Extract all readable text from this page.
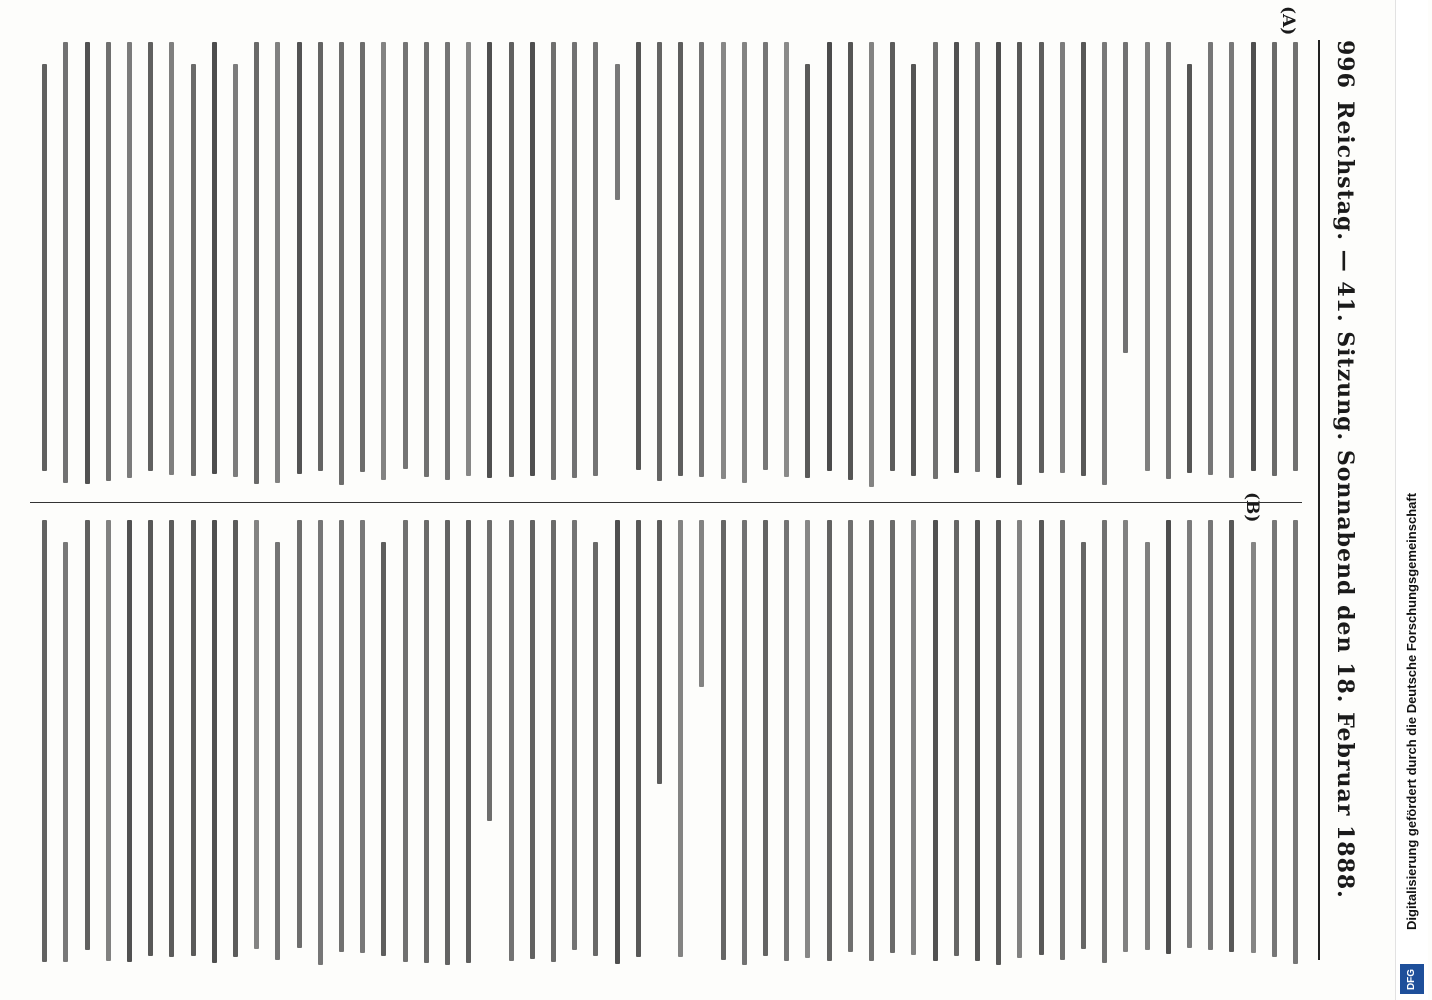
996
Reichstag. — 41. Sitzung. Sonnabend den 18. Februar 1888.
(A)
(B)	Digitalisierung gefördert durch die Deutsche Forschungsgemeinschaft
DFG
